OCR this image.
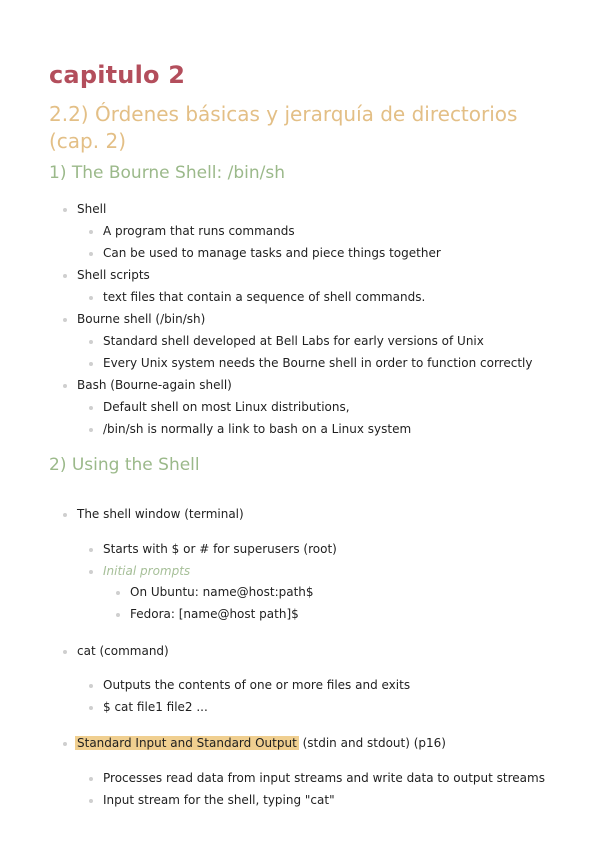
capitulo 2
2.2) Órdenes básicas y jerarquía de directorios (cap. 2)
1) The Bourne Shell: /bin/sh
Shell
A program that runs commands
Can be used to manage tasks and piece things together
Shell scripts
text files that contain a sequence of shell commands.
Bourne shell (/bin/sh)
Standard shell developed at Bell Labs for early versions of Unix
Every Unix system needs the Bourne shell in order to function correctly
Bash (Bourne-again shell)
Default shell on most Linux distributions,
/bin/sh is normally a link to bash on a Linux system
2) Using the Shell
The shell window (terminal)
Starts with $ or # for superusers (root)
Initial prompts
On Ubuntu: name@host:path$
Fedora: [name@host path]$
cat (command)
Outputs the contents of one or more files and exits
$ cat file1 file2 ...
Standard Input and Standard Output (stdin and stdout) (p16)
Processes read data from input streams and write data to output streams
Input stream for the shell, typing "cat"
